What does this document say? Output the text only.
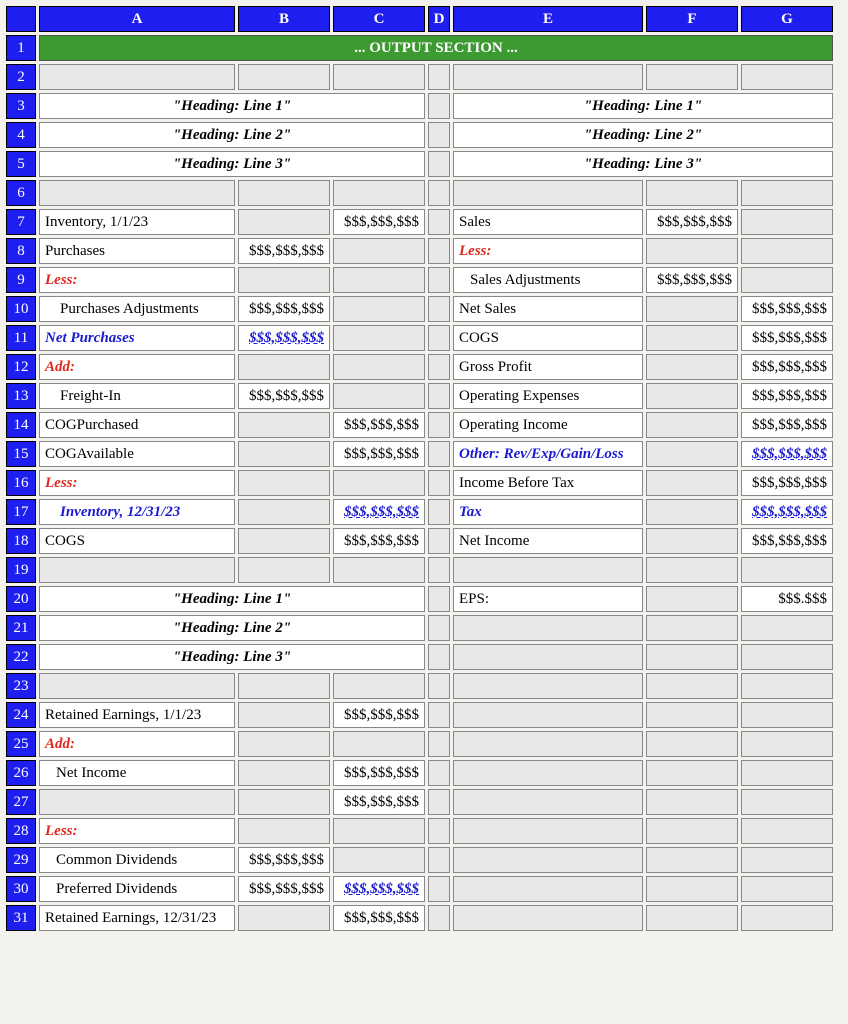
	A	B	C	D	E	F	G
1	... OUTPUT SECTION ...						
2							
3	"Heading: Line 1"				"Heading: Line 1"		
4	"Heading: Line 2"				"Heading: Line 2"		
5	"Heading: Line 3"				"Heading: Line 3"		
6							
7	Inventory, 1/1/23		$$$,$$$,$$$		Sales	$$$,$$$,$$$	
8	Purchases	$$$,$$$,$$$			Less:		
9	Less:				Sales Adjustments	$$$,$$$,$$$	
10	Purchases Adjustments	$$$,$$$,$$$			Net Sales		$$$,$$$,$$$
11	Net Purchases	$$$,$$$,$$$			COGS		$$$,$$$,$$$
12	Add:				Gross Profit		$$$,$$$,$$$
13	Freight-In	$$$,$$$,$$$			Operating Expenses		$$$,$$$,$$$
14	COGPurchased		$$$,$$$,$$$		Operating Income		$$$,$$$,$$$
15	COGAvailable		$$$,$$$,$$$		Other: Rev/Exp/Gain/Loss		$$$,$$$,$$$
16	Less:				Income Before Tax		$$$,$$$,$$$
17	Inventory, 12/31/23		$$$,$$$,$$$		Tax		$$$,$$$,$$$
18	COGS		$$$,$$$,$$$		Net Income		$$$,$$$,$$$
19							
20	"Heading: Line 1"				EPS:		$$$.$$$
21	"Heading: Line 2"						
22	"Heading: Line 3"						
23							
24	Retained Earnings, 1/1/23		$$$,$$$,$$$				
25	Add:						
26	Net Income		$$$,$$$,$$$				
27			$$$,$$$,$$$				
28	Less:						
29	Common Dividends	$$$,$$$,$$$					
30	Preferred Dividends	$$$,$$$,$$$	$$$,$$$,$$$				
31	Retained Earnings, 12/31/23		$$$,$$$,$$$				
